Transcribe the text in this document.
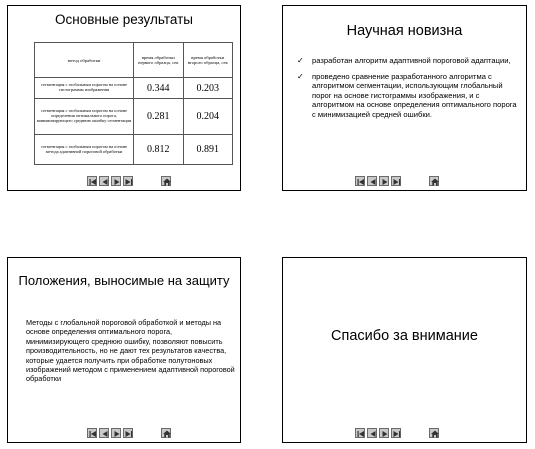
Основные результаты
метод обработки	время обработки первого образца, сек	время обработки второго образца, сек
сегментация с глобальным порогом на основе гистограммы изображения	0.344	0.203
сегментация с глобальным порогом на основе определения оптимального порога, минимизирующего среднюю ошибку сегментации	0.281	0.204
сегментация с глобальным порогом на основе метода адаптивной пороговой обработки	0.812	0.891
Научная новизна
✓ разработан алгоритм адаптивной пороговой адаптации,
✓ проведено сравнение разработанного алгоритма с алгоритмом сегментации, использующим глобальный порог на основе гистограммы изображения, и с алгоритмом на основе определения оптимального порога с минимизацией средней ошибки.
Положения, выносимые на защиту

Методы с глобальной пороговой обработкой и методы на основе определения оптимального порога, минимизирующего среднюю ошибку, позволяют повысить производительность, но не дают тех результатов качества, которые удается получить при обработке полутоновых изображений методом с применением адаптивной пороговой обработки

Спасибо за внимание
